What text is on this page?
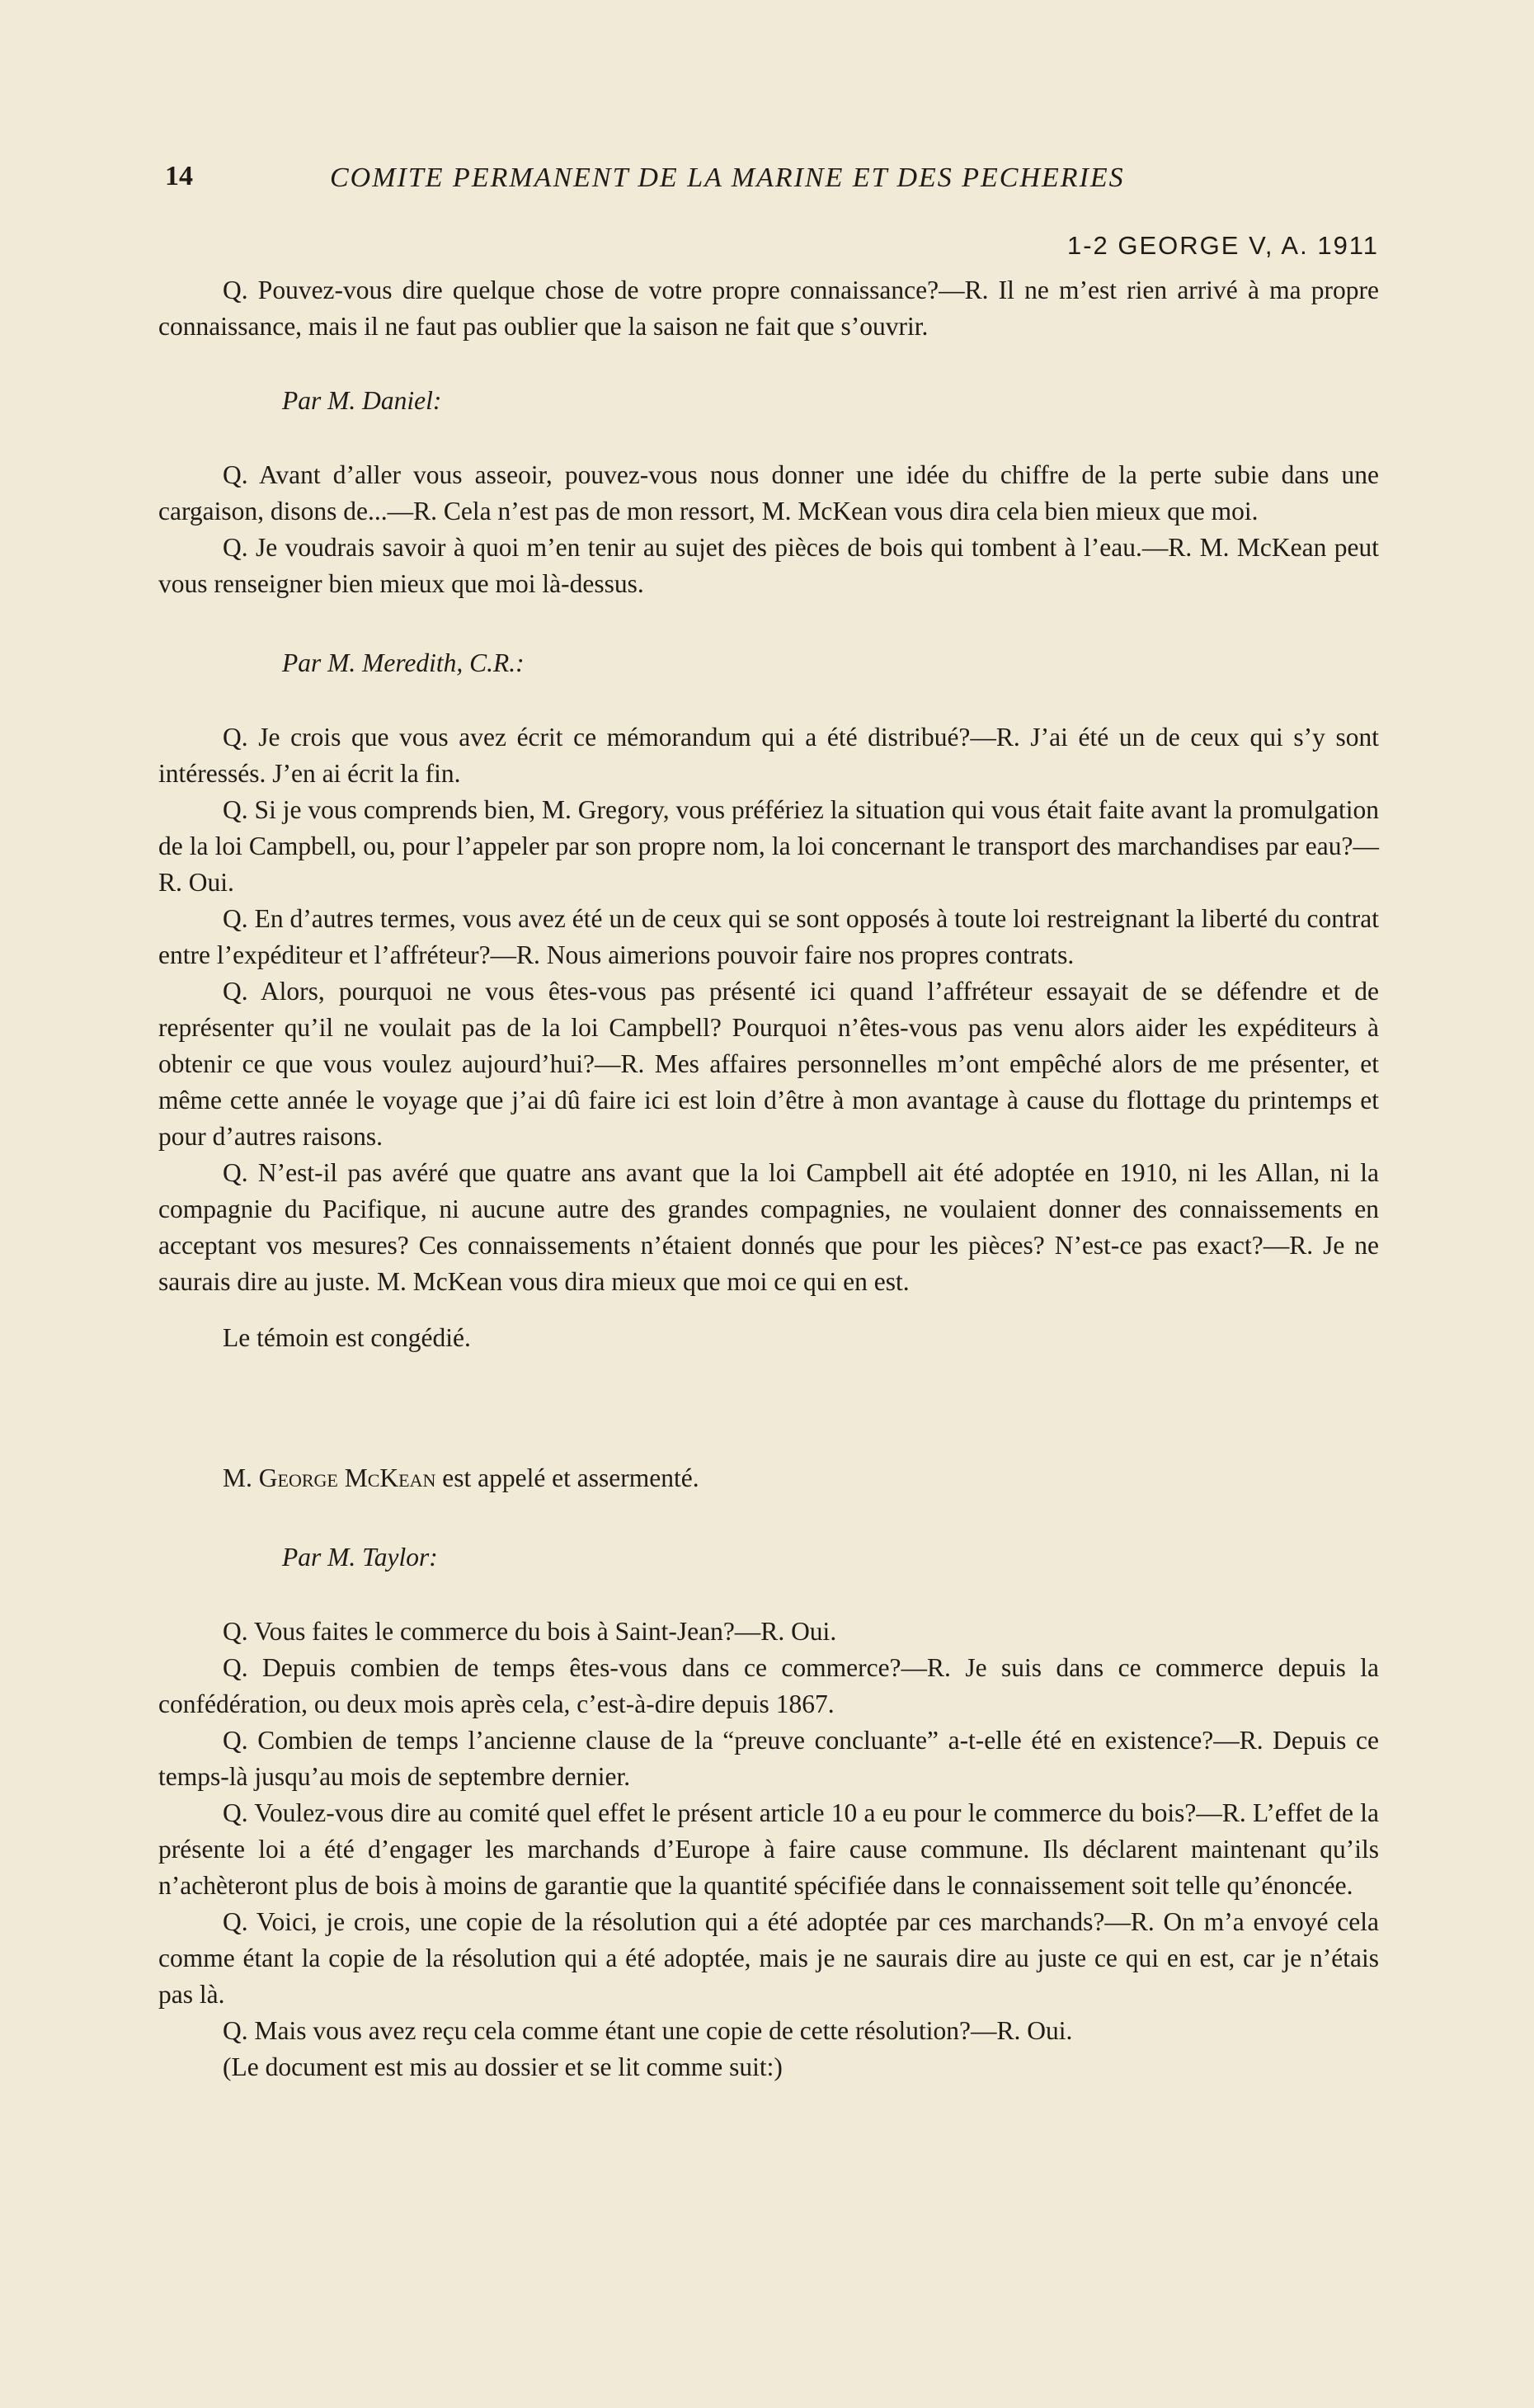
14	COMITE PERMANENT DE LA MARINE ET DES PECHERIES
1-2 GEORGE V, A. 1911

Q. Pouvez-vous dire quelque chose de votre propre connaissance?—R. Il ne m’est rien arrivé à ma propre connaissance, mais il ne faut pas oublier que la saison ne fait que s’ouvrir.

Par M. Daniel:

Q. Avant d’aller vous asseoir, pouvez-vous nous donner une idée du chiffre de la perte subie dans une cargaison, disons de...—R. Cela n’est pas de mon ressort, M. McKean vous dira cela bien mieux que moi.

Q. Je voudrais savoir à quoi m’en tenir au sujet des pièces de bois qui tombent à l’eau.—R. M. McKean peut vous renseigner bien mieux que moi là-dessus.

Par M. Meredith, C.R.:

Q. Je crois que vous avez écrit ce mémorandum qui a été distribué?—R. J’ai été un de ceux qui s’y sont intéressés. J’en ai écrit la fin.

Q. Si je vous comprends bien, M. Gregory, vous préfériez la situation qui vous était faite avant la promulgation de la loi Campbell, ou, pour l’appeler par son propre nom, la loi concernant le transport des marchandises par eau?—R. Oui.

Q. En d’autres termes, vous avez été un de ceux qui se sont opposés à toute loi restreignant la liberté du contrat entre l’expéditeur et l’affréteur?—R. Nous aimerions pouvoir faire nos propres contrats.

Q. Alors, pourquoi ne vous êtes-vous pas présenté ici quand l’affréteur essayait de se défendre et de représenter qu’il ne voulait pas de la loi Campbell? Pourquoi n’êtes-vous pas venu alors aider les expéditeurs à obtenir ce que vous voulez aujourd’hui?—R. Mes affaires personnelles m’ont empêché alors de me présenter, et même cette année le voyage que j’ai dû faire ici est loin d’être à mon avantage à cause du flottage du printemps et pour d’autres raisons.

Q. N’est-il pas avéré que quatre ans avant que la loi Campbell ait été adoptée en 1910, ni les Allan, ni la compagnie du Pacifique, ni aucune autre des grandes compagnies, ne voulaient donner des connaissements en acceptant vos mesures? Ces connaissements n’étaient donnés que pour les pièces? N’est-ce pas exact?—R. Je ne saurais dire au juste. M. McKean vous dira mieux que moi ce qui en est.

Le témoin est congédié.

M. George McKean est appelé et assermenté.

Par M. Taylor:

Q. Vous faites le commerce du bois à Saint-Jean?—R. Oui.

Q. Depuis combien de temps êtes-vous dans ce commerce?—R. Je suis dans ce commerce depuis la confédération, ou deux mois après cela, c’est-à-dire depuis 1867.

Q. Combien de temps l’ancienne clause de la “preuve concluante” a-t-elle été en existence?—R. Depuis ce temps-là jusqu’au mois de septembre dernier.

Q. Voulez-vous dire au comité quel effet le présent article 10 a eu pour le commerce du bois?—R. L’effet de la présente loi a été d’engager les marchands d’Europe à faire cause commune. Ils déclarent maintenant qu’ils n’achèteront plus de bois à moins de garantie que la quantité spécifiée dans le connaissement soit telle qu’énoncée.

Q. Voici, je crois, une copie de la résolution qui a été adoptée par ces marchands?—R. On m’a envoyé cela comme étant la copie de la résolution qui a été adoptée, mais je ne saurais dire au juste ce qui en est, car je n’étais pas là.

Q. Mais vous avez reçu cela comme étant une copie de cette résolution?—R. Oui.

(Le document est mis au dossier et se lit comme suit:)
